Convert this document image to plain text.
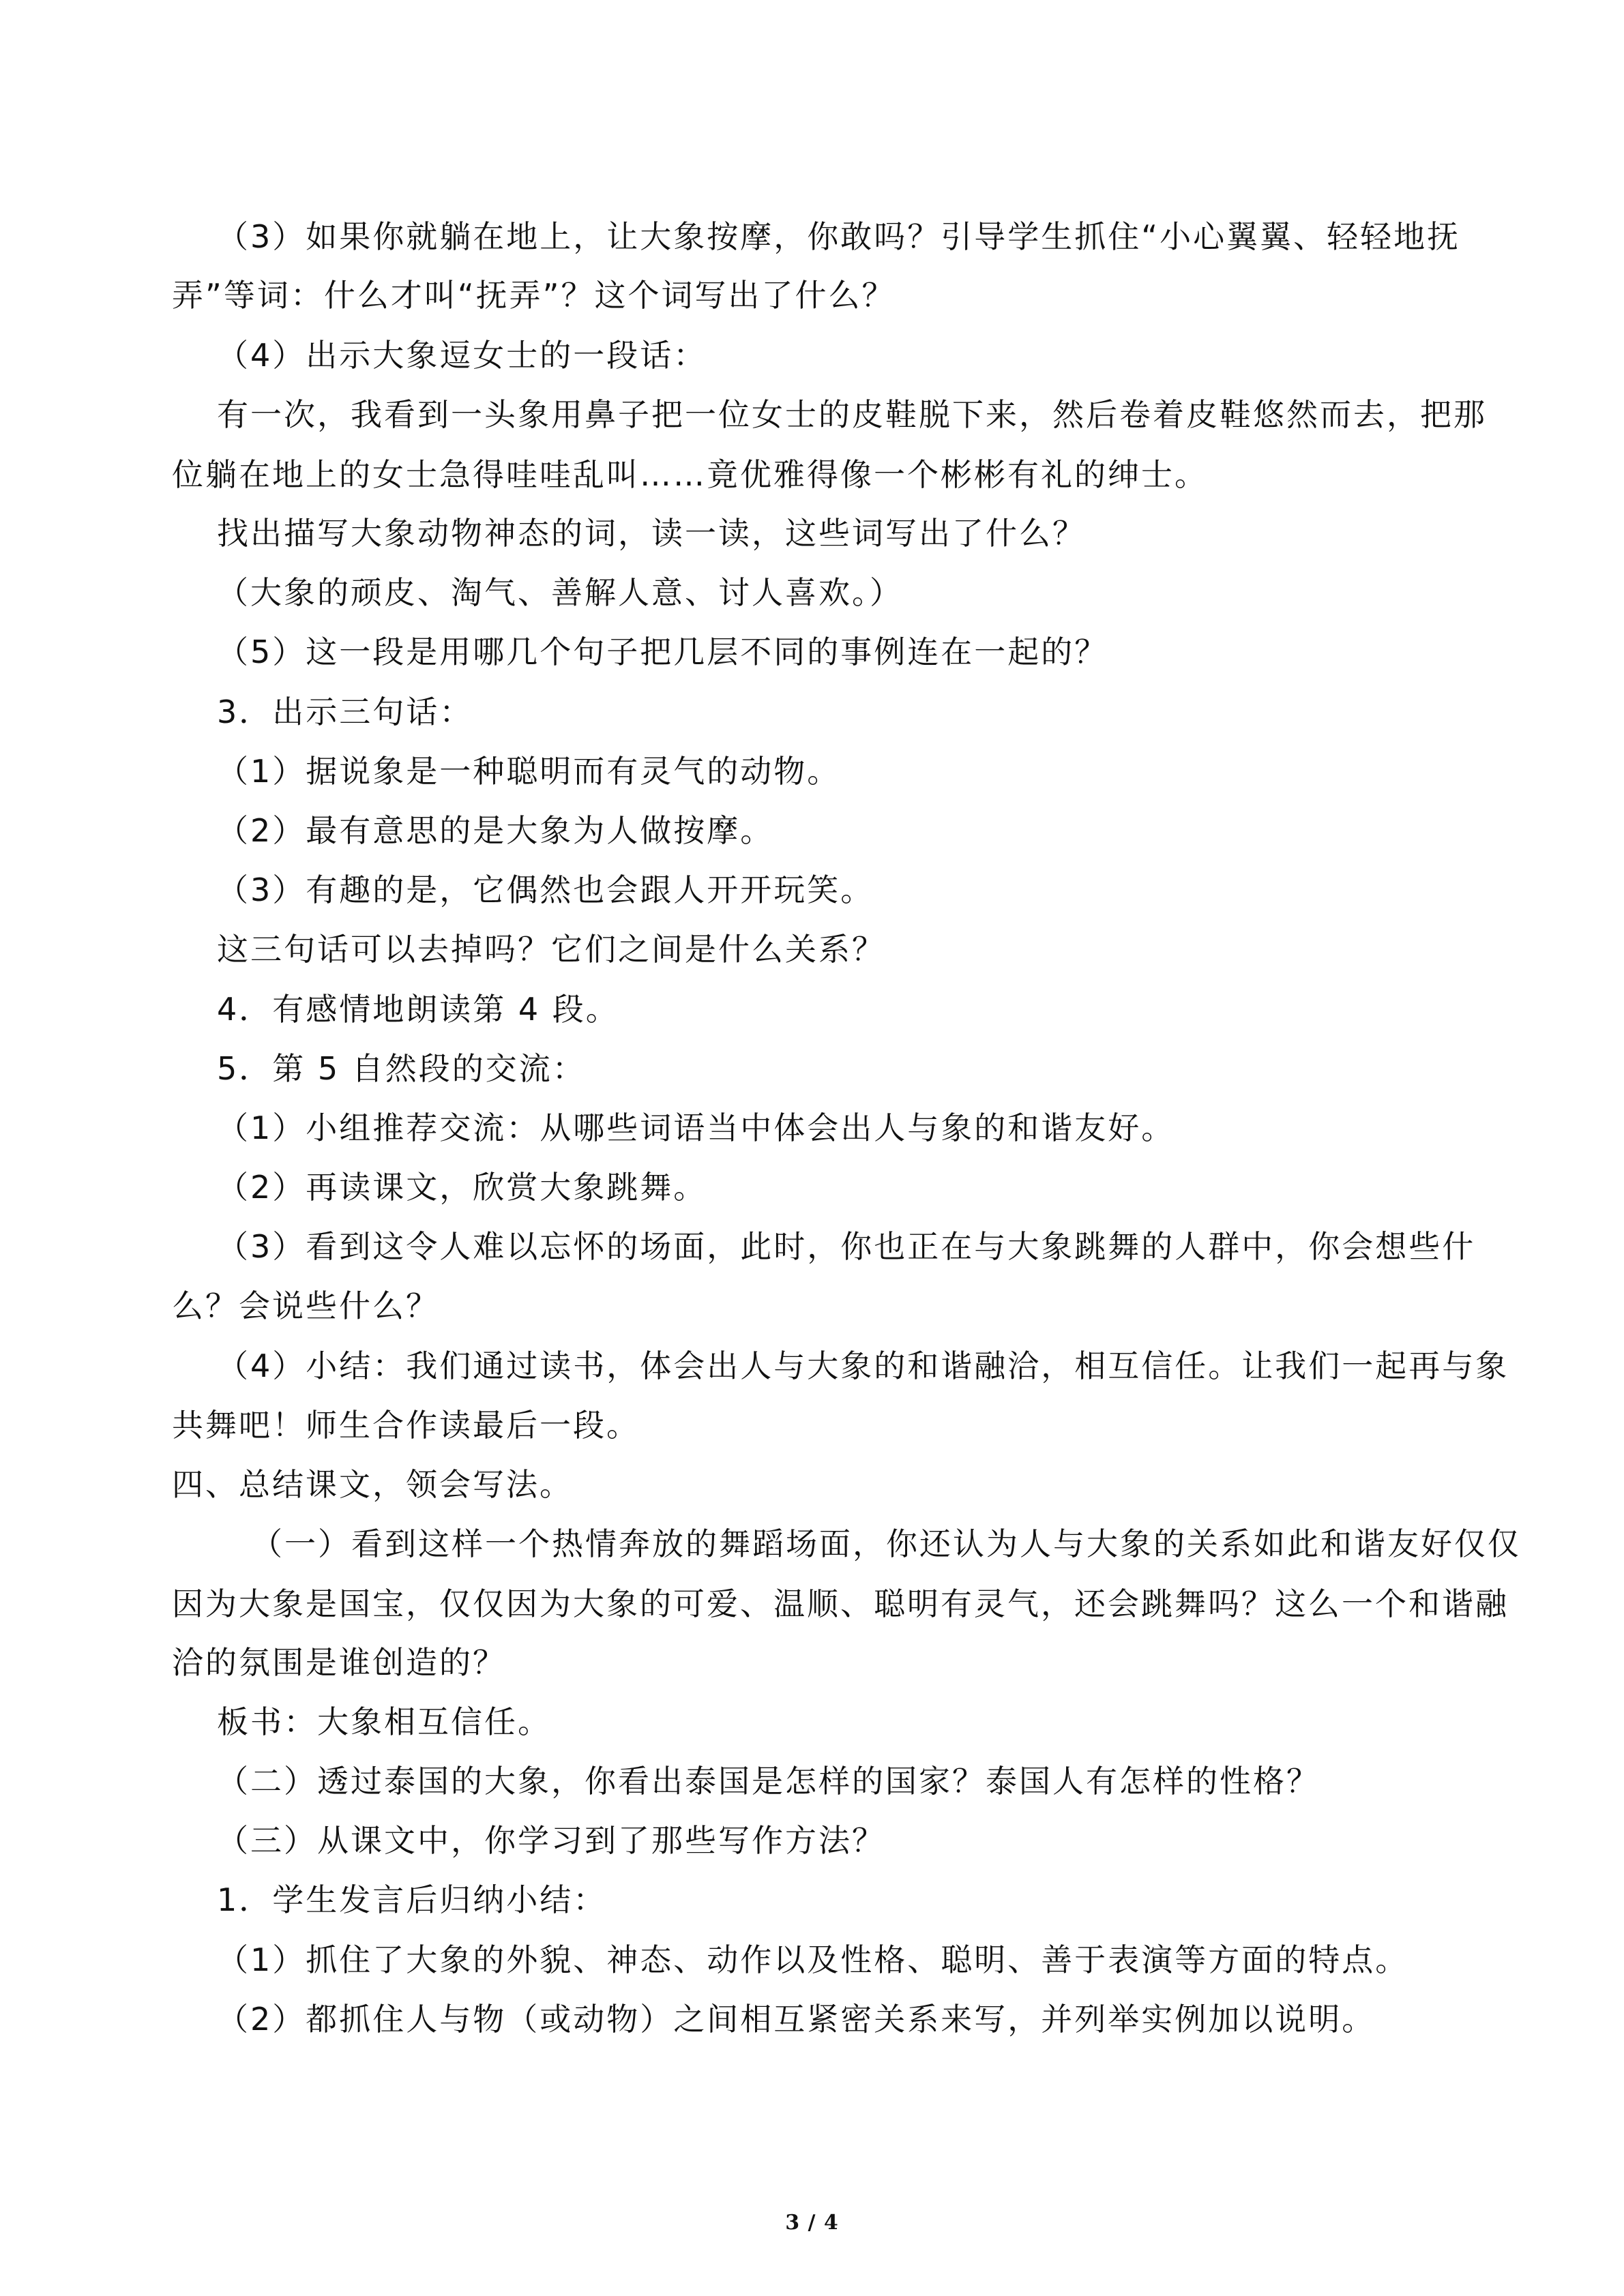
（3）如果你就躺在地上，让大象按摩，你敢吗？引导学生抓住“小心翼翼、轻轻地抚
弄”等词：什么才叫“抚弄”？这个词写出了什么？
（4）出示大象逗女士的一段话：
有一次，我看到一头象用鼻子把一位女士的皮鞋脱下来，然后卷着皮鞋悠然而去，把那
位躺在地上的女士急得哇哇乱叫……竟优雅得像一个彬彬有礼的绅士。
找出描写大象动物神态的词，读一读，这些词写出了什么？
（大象的顽皮、淘气、善解人意、讨人喜欢。）
（5）这一段是用哪几个句子把几层不同的事例连在一起的？
3．出示三句话：
（1）据说象是一种聪明而有灵气的动物。
（2）最有意思的是大象为人做按摩。
（3）有趣的是，它偶然也会跟人开开玩笑。
这三句话可以去掉吗？它们之间是什么关系？
4．有感情地朗读第 4 段。
5．第 5 自然段的交流：
（1）小组推荐交流：从哪些词语当中体会出人与象的和谐友好。
（2）再读课文，欣赏大象跳舞。
（3）看到这令人难以忘怀的场面，此时，你也正在与大象跳舞的人群中，你会想些什
么？会说些什么？
（4）小结：我们通过读书，体会出人与大象的和谐融洽，相互信任。让我们一起再与象
共舞吧！师生合作读最后一段。
四、总结课文，领会写法。
（一）看到这样一个热情奔放的舞蹈场面，你还认为人与大象的关系如此和谐友好仅仅
因为大象是国宝，仅仅因为大象的可爱、温顺、聪明有灵气，还会跳舞吗？这么一个和谐融
洽的氛围是谁创造的？
板书：大象相互信任。
（二）透过泰国的大象，你看出泰国是怎样的国家？泰国人有怎样的性格？
（三）从课文中，你学习到了那些写作方法？
1．学生发言后归纳小结：
（1）抓住了大象的外貌、神态、动作以及性格、聪明、善于表演等方面的特点。
（2）都抓住人与物（或动物）之间相互紧密关系来写，并列举实例加以说明。
3 / 4
